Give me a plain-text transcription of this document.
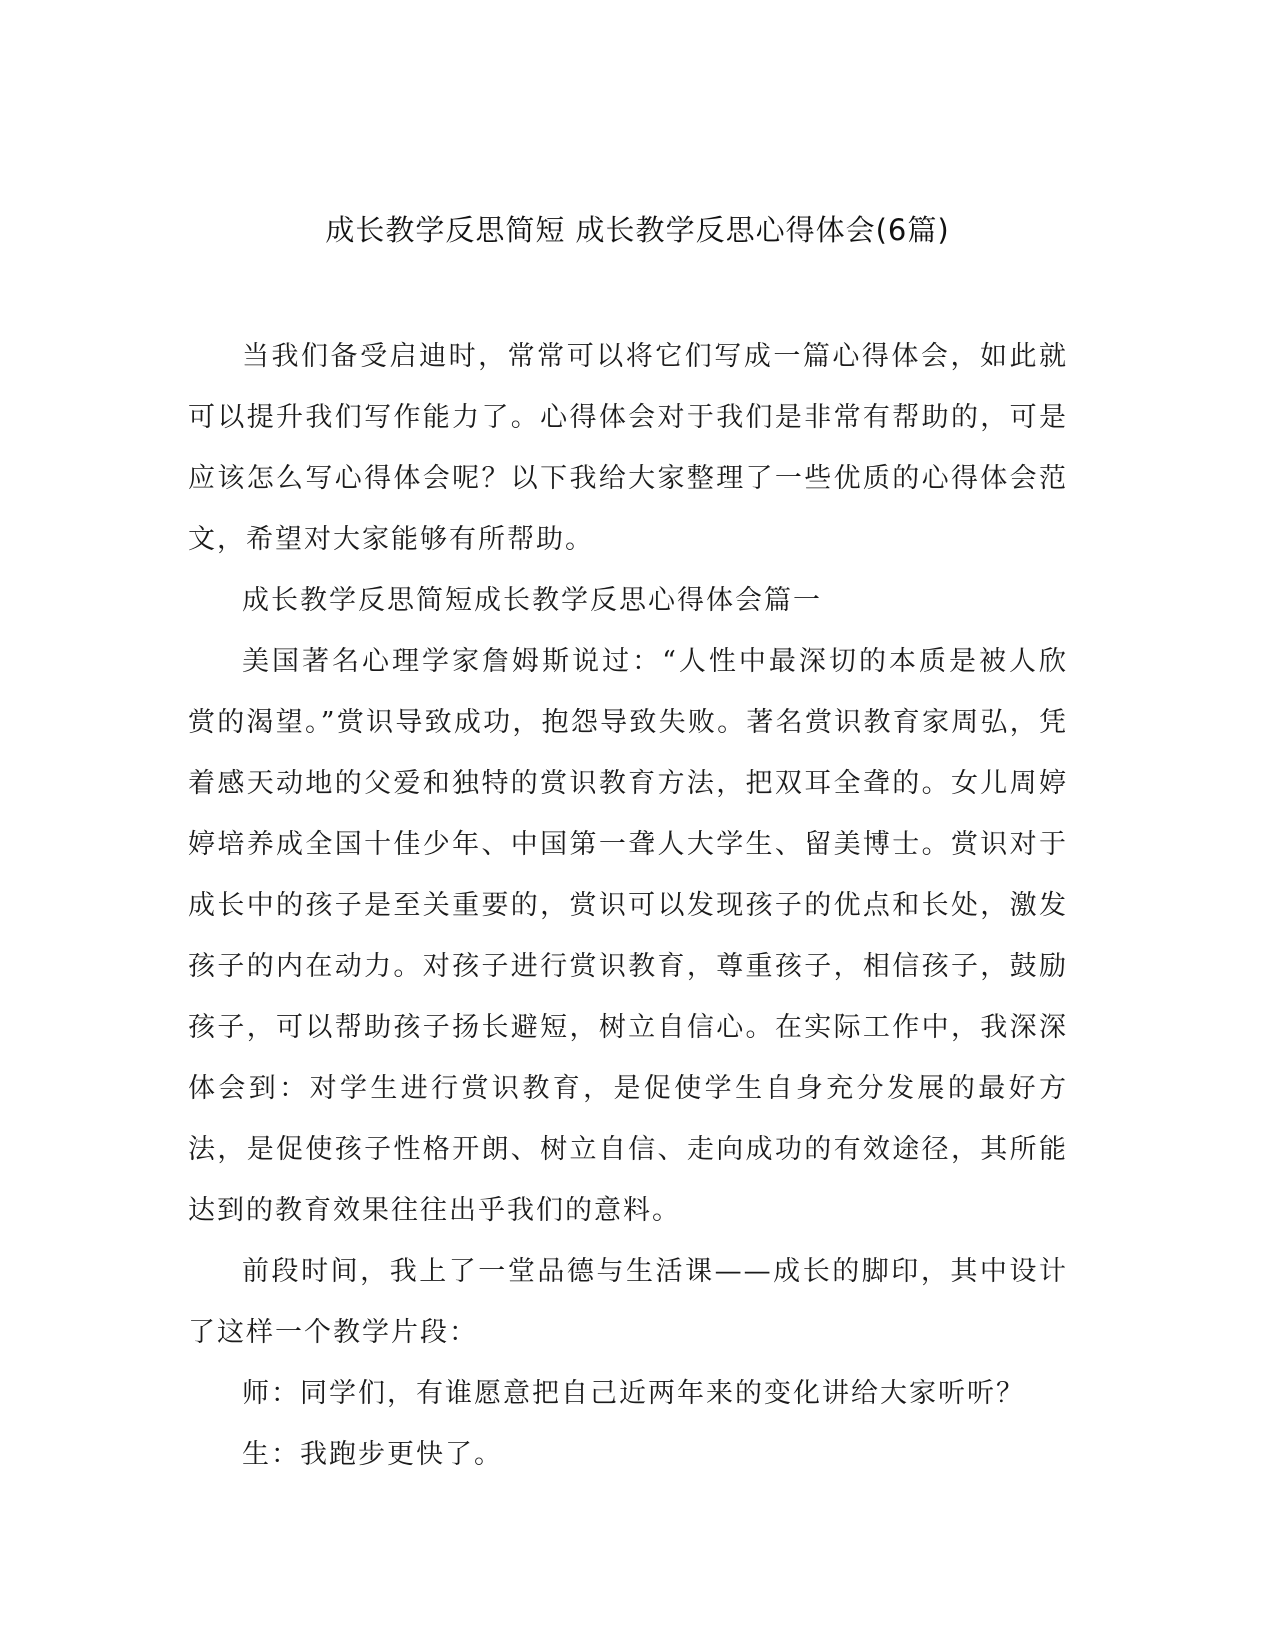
成长教学反思简短 成长教学反思心得体会(6篇)

当我们备受启迪时，常常可以将它们写成一篇心得体会，如此就可以提升我们写作能力了。心得体会对于我们是非常有帮助的，可是应该怎么写心得体会呢？以下我给大家整理了一些优质的心得体会范文，希望对大家能够有所帮助。

成长教学反思简短成长教学反思心得体会篇一

美国著名心理学家詹姆斯说过：“人性中最深切的本质是被人欣赏的渴望。”赏识导致成功，抱怨导致失败。著名赏识教育家周弘，凭着感天动地的父爱和独特的赏识教育方法，把双耳全聋的。女儿周婷婷培养成全国十佳少年、中国第一聋人大学生、留美博士。赏识对于成长中的孩子是至关重要的，赏识可以发现孩子的优点和长处，激发孩子的内在动力。对孩子进行赏识教育，尊重孩子，相信孩子，鼓励孩子，可以帮助孩子扬长避短，树立自信心。在实际工作中，我深深体会到：对学生进行赏识教育，是促使学生自身充分发展的最好方法，是促使孩子性格开朗、树立自信、走向成功的有效途径，其所能达到的教育效果往往出乎我们的意料。

前段时间，我上了一堂品德与生活课——成长的脚印，其中设计了这样一个教学片段：

师：同学们，有谁愿意把自己近两年来的变化讲给大家听听？

生：我跑步更快了。
